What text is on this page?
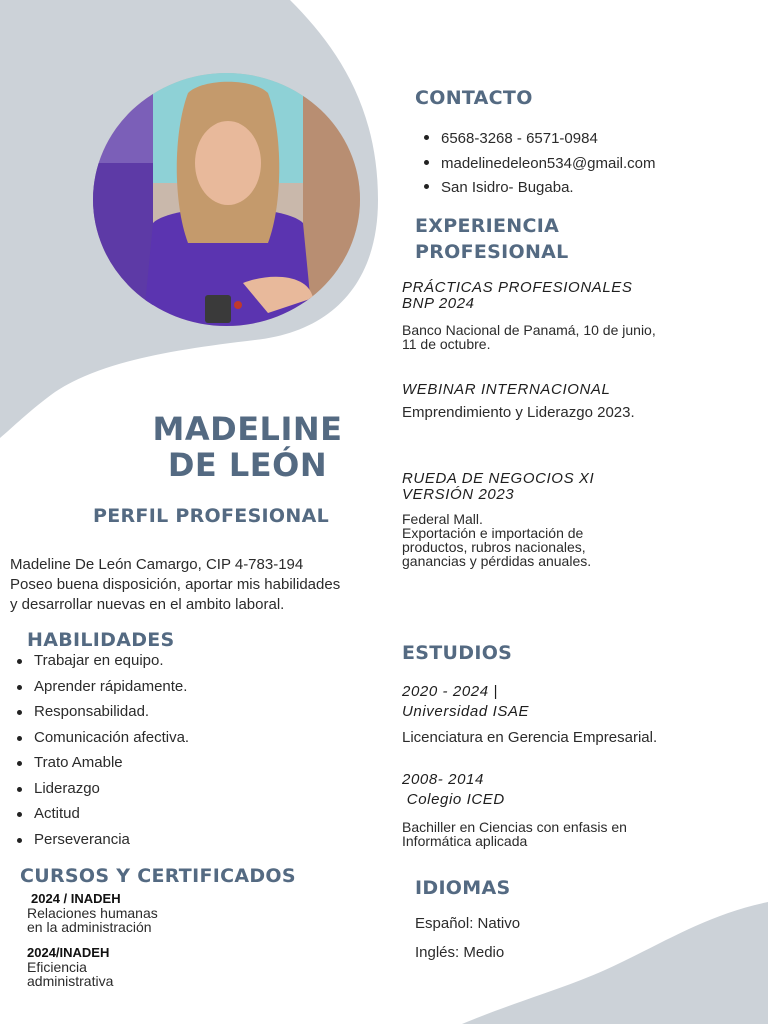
MADELINE
DE LEÓN
PERFIL PROFESIONAL
Madeline De León Camargo, CIP 4-783-194
Poseo buena disposición, aportar mis habilidades
y desarrollar nuevas en el ambito laboral.
HABILIDADES
Trabajar en equipo.
Aprender rápidamente.
Responsabilidad.
Comunicación afectiva.
Trato Amable
Liderazgo
Actitud
Perseverancia
CURSOS Y CERTIFICADOS
2024 / INADEH
Relaciones humanas
en la administración
2024/INADEH
Eficiencia
administrativa
CONTACTO
6568-3268 - 6571-0984
madelinedeleon534@gmail.com
San Isidro- Bugaba.
EXPERIENCIA
PROFESIONAL
PRÁCTICAS PROFESIONALES
BNP 2024
Banco Nacional de Panamá, 10 de junio,
11 de octubre.
WEBINAR INTERNACIONAL
Emprendimiento y Liderazgo 2023.
RUEDA DE NEGOCIOS XI
VERSIÓN 2023
Federal Mall.
Exportación e importación de
productos, rubros nacionales,
ganancias y pérdidas anuales.
ESTUDIOS
2020 - 2024 |
Universidad ISAE
Licenciatura en Gerencia Empresarial.
2008- 2014
Colegio ICED
Bachiller en Ciencias con enfasis en
Informática aplicada
IDIOMAS
Español: Nativo
Inglés: Medio
